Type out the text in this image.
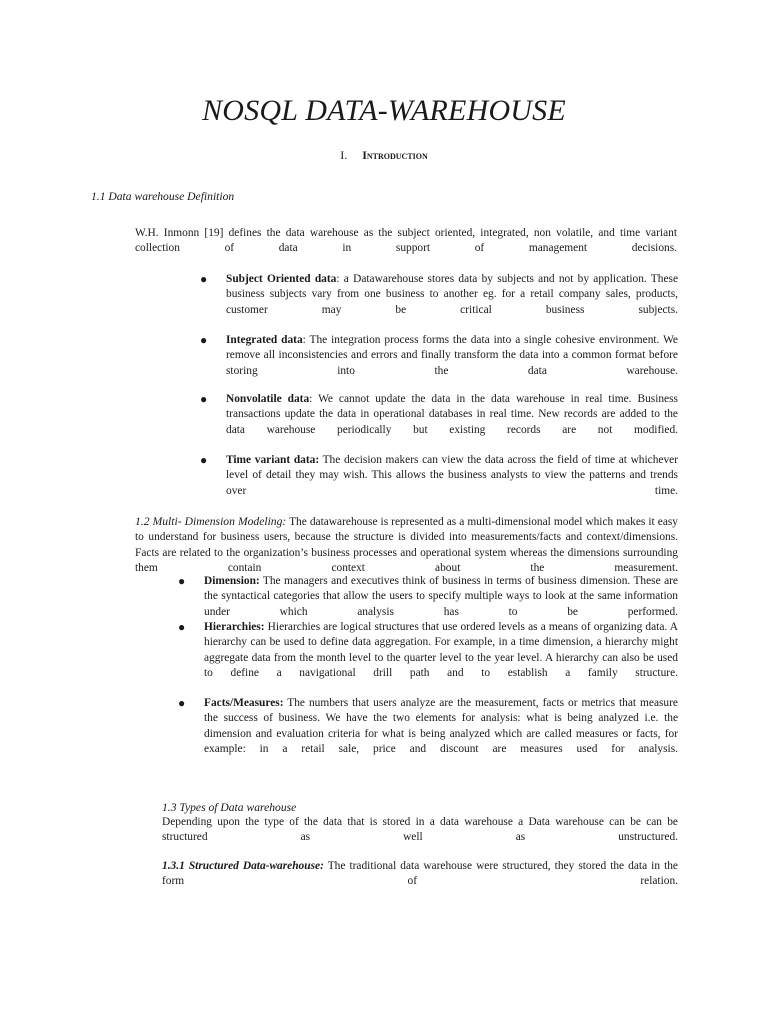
NOSQL DATA-WAREHOUSE
I. Introduction
1.1 Data warehouse Definition
W.H. Inmonn [19] defines the data warehouse as the subject oriented, integrated, non volatile, and time variant collection of data in support of management decisions.
● Subject Oriented data: a Datawarehouse stores data by subjects and not by application. These business subjects vary from one business to another eg. for a retail company sales, products, customer may be critical business subjects.
● Integrated data: The integration process forms the data into a single cohesive environment. We remove all inconsistencies and errors and finally transform the data into a common format before storing into the data warehouse.
● Nonvolatile data: We cannot update the data in the data warehouse in real time. Business transactions update the data in operational databases in real time. New records are added to the data warehouse periodically but existing records are not modified.
● Time variant data: The decision makers can view the data across the field of time at whichever level of detail they may wish. This allows the business analysts to view the patterns and trends over time.
1.2 Multi- Dimension Modeling: The datawarehouse is represented as a multi-dimensional model which makes it easy to understand for business users, because the structure is divided into measurements/facts and context/dimensions. Facts are related to the organization’s business processes and operational system whereas the dimensions surrounding them contain context about the measurement.
● Dimension: The managers and executives think of business in terms of business dimension. These are the syntactical categories that allow the users to specify multiple ways to look at the same information under which analysis has to be performed.
● Hierarchies: Hierarchies are logical structures that use ordered levels as a means of organizing data. A hierarchy can be used to define data aggregation. For example, in a time dimension, a hierarchy might aggregate data from the month level to the quarter level to the year level. A hierarchy can also be used to define a navigational drill path and to establish a family structure.
● Facts/Measures: The numbers that users analyze are the measurement, facts or metrics that measure the success of business. We have the two elements for analysis: what is being analyzed i.e. the dimension and evaluation criteria for what is being analyzed which are called measures or facts, for example: in a retail sale, price and discount are measures used for analysis.
1.3 Types of Data warehouse
Depending upon the type of the data that is stored in a data warehouse a Data warehouse can be can be structured as well as unstructured.
1.3.1 Structured Data-warehouse: The traditional data warehouse were structured, they stored the data in the form of relation.
